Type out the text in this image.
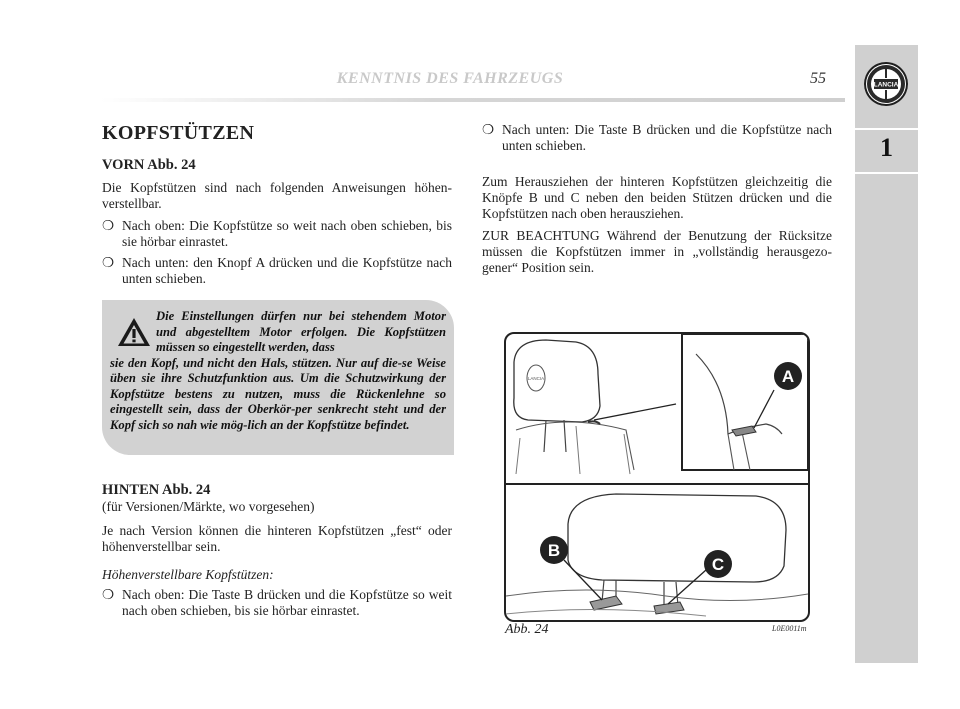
KENNTNIS DES FAHRZEUGS	55	LANCIA
1
KOPFSTÜTZEN
VORN Abb. 24

Die Kopfstützen sind nach folgenden Anweisungen höhen-verstellbar.

❍ Nach oben: Die Kopfstütze so weit nach oben schieben, bis sie hörbar einrastet.
❍ Nach unten: den Knopf A drücken und die Kopfstütze nach unten schieben.
Die Einstellungen dürfen nur bei stehendem Motor und abgestelltem Motor erfolgen. Die Kopfstützen müssen so eingestellt werden, dass
sie den Kopf, und nicht den Hals, stützen. Nur auf die-se Weise üben sie ihre Schutzfunktion aus. Um die Schutzwirkung der Kopfstütze bestens zu nutzen, muss die Rückenlehne so eingestellt sein, dass der Oberkör-per senkrecht steht und der Kopf sich so nah wie mög-lich an der Kopfstütze befindet.
HINTEN Abb. 24

(für Versionen/Märkte, wo vorgesehen)

Je nach Version können die hinteren Kopfstützen „fest“ oder höhenverstellbar sein.

Höhenverstellbare Kopfstützen:

❍ Nach oben: Die Taste B drücken und die Kopfstütze so weit nach oben schieben, bis sie hörbar einrastet.
❍ Nach unten: Die Taste B drücken und die Kopfstütze nach unten schieben.

Zum Herausziehen der hinteren Kopfstützen gleichzeitig die Knöpfe B und C neben den beiden Stützen drücken und die Kopfstützen nach oben herausziehen.

ZUR BEACHTUNG Während der Benutzung der Rücksitze müssen die Kopfstützen immer in „vollständig herausgezo-gener“ Position sein.

LANCIA	A
B
C
Abb. 24	L0E0011m
